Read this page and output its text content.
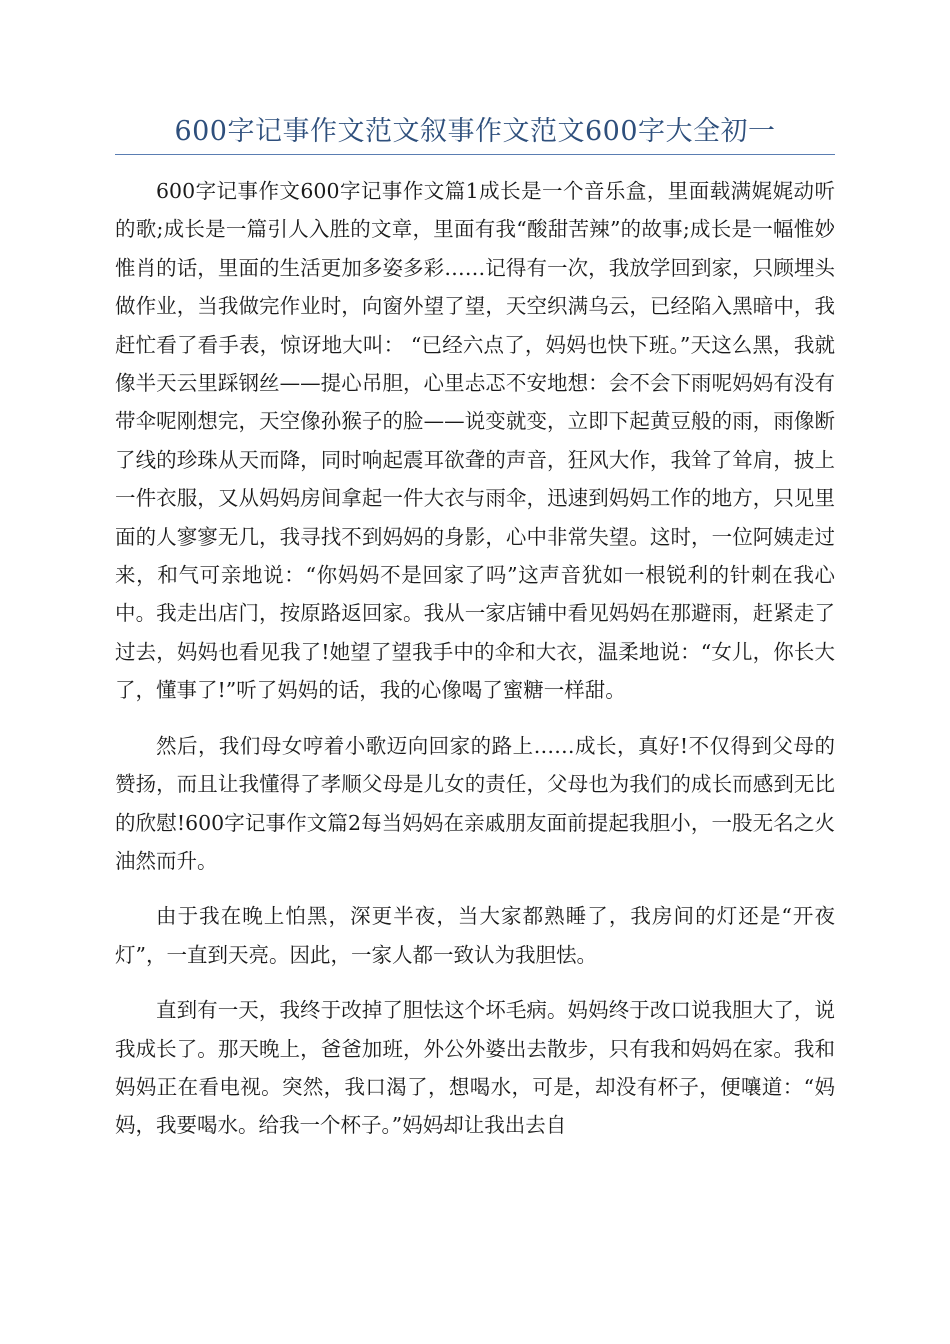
600字记事作文范文叙事作文范文600字大全初一

600字记事作文600字记事作文篇1成长是一个音乐盒，里面载满娓娓动听的歌;成长是一篇引人入胜的文章，里面有我“酸甜苦辣”的故事;成长是一幅惟妙惟肖的话，里面的生活更加多姿多彩……记得有一次，我放学回到家，只顾埋头做作业，当我做完作业时，向窗外望了望，天空织满乌云，已经陷入黑暗中，我赶忙看了看手表，惊讶地大叫： “已经六点了，妈妈也快下班。”天这么黑，我就像半天云里踩钢丝——提心吊胆，心里忐忑不安地想：会不会下雨呢妈妈有没有带伞呢刚想完，天空像孙猴子的脸——说变就变，立即下起黄豆般的雨，雨像断了线的珍珠从天而降，同时响起震耳欲聋的声音，狂风大作，我耸了耸肩，披上一件衣服，又从妈妈房间拿起一件大衣与雨伞，迅速到妈妈工作的地方，只见里面的人寥寥无几，我寻找不到妈妈的身影，心中非常失望。这时，一位阿姨走过来，和气可亲地说：“你妈妈不是回家了吗”这声音犹如一根锐利的针刺在我心中。我走出店门，按原路返回家。我从一家店铺中看见妈妈在那避雨，赶紧走了过去，妈妈也看见我了!她望了望我手中的伞和大衣，温柔地说：“女儿，你长大了，懂事了!”听了妈妈的话，我的心像喝了蜜糖一样甜。

然后，我们母女哼着小歌迈向回家的路上……成长，真好!不仅得到父母的赞扬，而且让我懂得了孝顺父母是儿女的责任，父母也为我们的成长而感到无比的欣慰!600字记事作文篇2每当妈妈在亲戚朋友面前提起我胆小，一股无名之火油然而升。

由于我在晚上怕黑，深更半夜，当大家都熟睡了，我房间的灯还是“开夜灯”，一直到天亮。因此，一家人都一致认为我胆怯。

直到有一天，我终于改掉了胆怯这个坏毛病。妈妈终于改口说我胆大了，说我成长了。那天晚上，爸爸加班，外公外婆出去散步，只有我和妈妈在家。我和妈妈正在看电视。突然，我口渴了，想喝水，可是，却没有杯子，便嚷道：“妈妈，我要喝水。给我一个杯子。”妈妈却让我出去自
